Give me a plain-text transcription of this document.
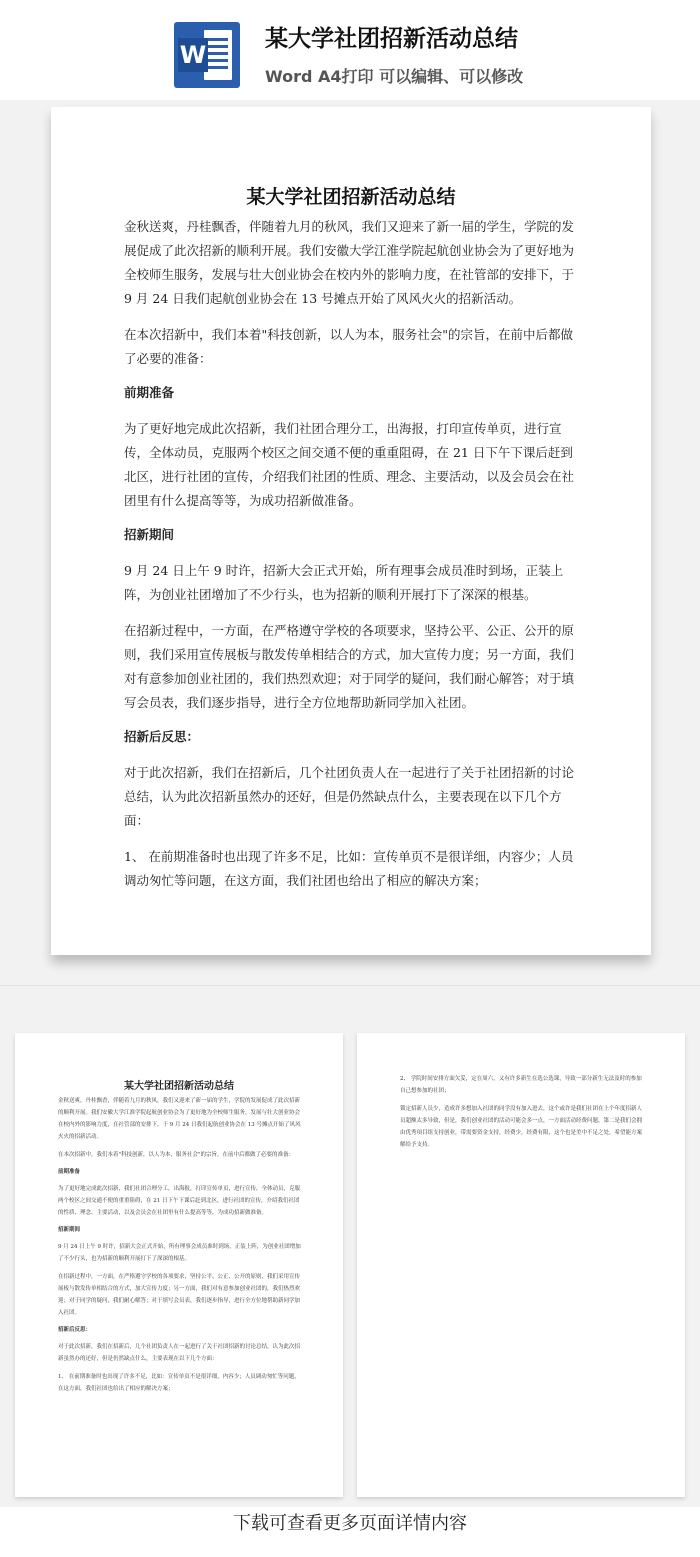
W
某大学社团招新活动总结
Word A4打印 可以编辑、可以修改
某大学社团招新活动总结

金秋送爽，丹桂飘香，伴随着九月的秋风，我们又迎来了新一届的学生，学院的发展促成了此次招新的顺利开展。我们安徽大学江淮学院起航创业协会为了更好地为全校师生服务，发展与壮大创业协会在校内外的影响力度，在社管部的安排下，于 9 月 24 日我们起航创业协会在 13 号摊点开始了风风火火的招新活动。

在本次招新中，我们本着"科技创新，以人为本，服务社会"的宗旨，在前中后都做了必要的准备：

前期准备

为了更好地完成此次招新，我们社团合理分工，出海报，打印宣传单页，进行宣传，全体动员，克服两个校区之间交通不便的重重阻碍，在 21 日下午下课后赶到北区，进行社团的宣传，介绍我们社团的性质、理念、主要活动，以及会员会在社团里有什么提高等等，为成功招新做准备。

招新期间

9 月 24 日上午 9 时许，招新大会正式开始，所有理事会成员准时到场，正装上阵，为创业社团增加了不少行头，也为招新的顺利开展打下了深深的根基。

在招新过程中，一方面，在严格遵守学校的各项要求，坚持公平、公正、公开的原则，我们采用宣传展板与散发传单相结合的方式，加大宣传力度；另一方面，我们对有意参加创业社团的，我们热烈欢迎；对于同学的疑问，我们耐心解答；对于填写会员表，我们逐步指导，进行全方位地帮助新同学加入社团。

招新后反思：

对于此次招新，我们在招新后，几个社团负责人在一起进行了关于社团招新的讨论总结，认为此次招新虽然办的还好，但是仍然缺点什么，主要表现在以下几个方面：

1、 在前期准备时也出现了许多不足，比如：宣传单页不是很详细，内容少；人员调动匆忙等问题，在这方面，我们社团也给出了相应的解决方案；

某大学社团招新活动总结

金秋送爽，丹桂飘香，伴随着九月的秋风，我们又迎来了新一届的学生，学院的发展促成了此次招新的顺利开展。我们安徽大学江淮学院起航创业协会为了更好地为全校师生服务，发展与壮大创业协会在校内外的影响力度，在社管部的安排下，于 9 月 24 日我们起航创业协会在 13 号摊点开始了风风火火的招新活动。

在本次招新中，我们本着"科技创新，以人为本，服务社会"的宗旨，在前中后都做了必要的准备：

前期准备

为了更好地完成此次招新，我们社团合理分工，出海报，打印宣传单页，进行宣传，全体动员，克服两个校区之间交通不便的重重阻碍，在 21 日下午下课后赶到北区，进行社团的宣传，介绍我们社团的性质、理念、主要活动，以及会员会在社团里有什么提高等等，为成功招新做准备。

招新期间

9 月 24 日上午 9 时许，招新大会正式开始，所有理事会成员准时到场，正装上阵，为创业社团增加了不少行头，也为招新的顺利开展打下了深深的根基。

在招新过程中，一方面，在严格遵守学校的各项要求，坚持公平、公正、公开的原则，我们采用宣传展板与散发传单相结合的方式，加大宣传力度；另一方面，我们对有意参加创业社团的，我们热烈欢迎；对于同学的疑问，我们耐心解答；对于填写会员表，我们逐步指导，进行全方位地帮助新同学加入社团。

招新后反思：

对于此次招新，我们在招新后，几个社团负责人在一起进行了关于社团招新的讨论总结，认为此次招新虽然办的还好，但是仍然缺点什么，主要表现在以下几个方面：

1、 在前期准备时也出现了许多不足，比如：宣传单页不是很详细，内容少；人员调动匆忙等问题，在这方面，我们社团也给出了相应的解决方案；

2、 学院时间安排方面欠妥，定在周六，又有许多新生在选公选课，导致一部分新生无法及时的参加自己想参加的社团；

锁定招新人员少，造成许多想加入社团的同学没有加入进去，这个或许是我们社团在上个年度招新人员超额太多导致，但是，我们创业社团的活动可能会多一点，一方面活动经费问题，第二是我们会拥由优秀项目组支持创业，带需要资金支持，经费少，经费有限，这个也是美中不足之处，希望能方案解给予支持。

下载可查看更多页面详情内容
